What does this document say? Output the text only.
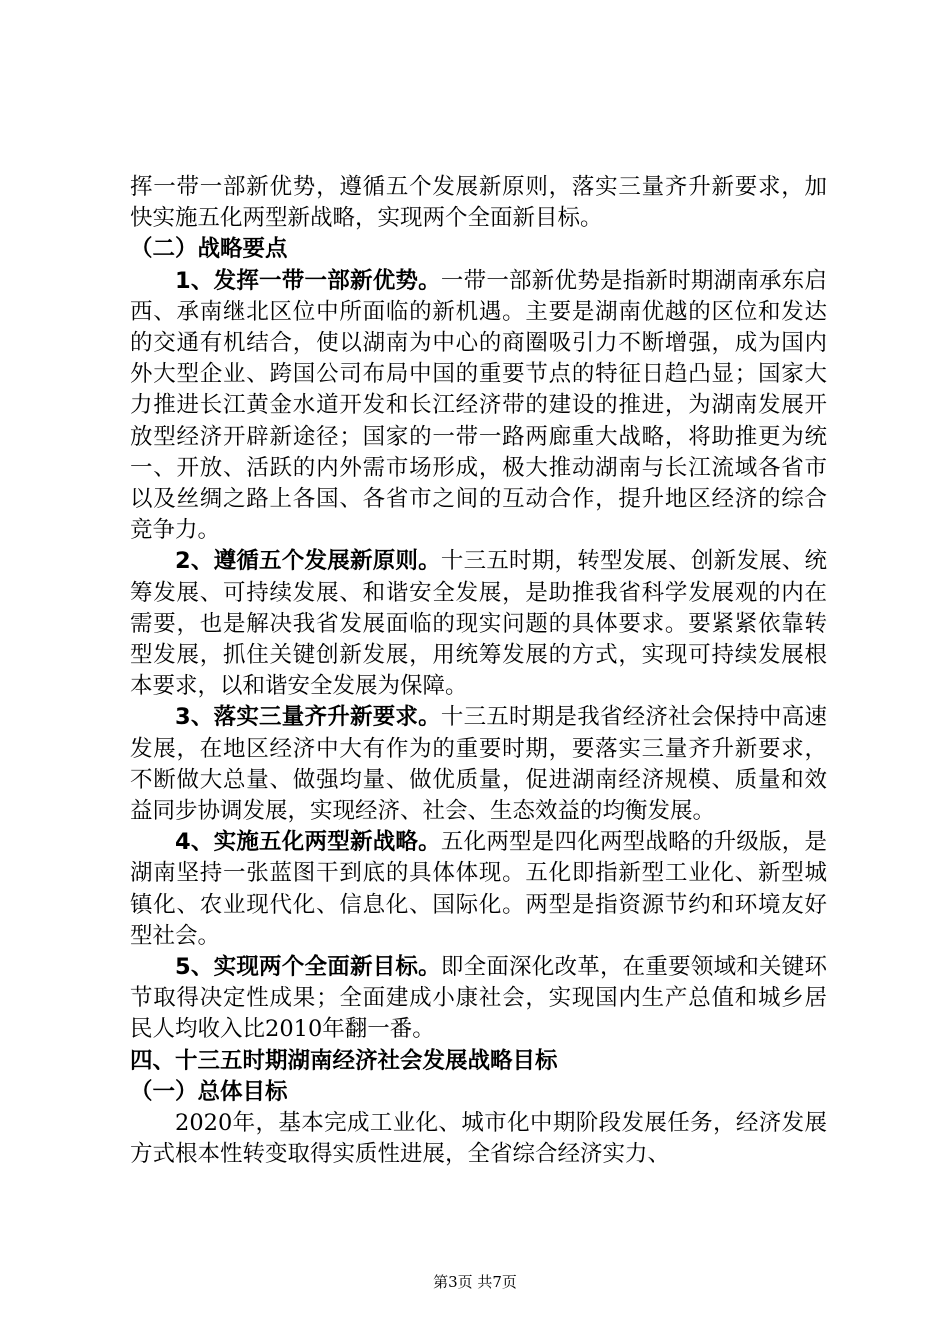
挥一带一部新优势，遵循五个发展新原则，落实三量齐升新要求，加快实施五化两型新战略，实现两个全面新目标。

（二）战略要点

1、发挥一带一部新优势。一带一部新优势是指新时期湖南承东启西、承南继北区位中所面临的新机遇。主要是湖南优越的区位和发达的交通有机结合，使以湖南为中心的商圈吸引力不断增强，成为国内外大型企业、跨国公司布局中国的重要节点的特征日趋凸显；国家大力推进长江黄金水道开发和长江经济带的建设的推进，为湖南发展开放型经济开辟新途径；国家的一带一路两廊重大战略，将助推更为统一、开放、活跃的内外需市场形成，极大推动湖南与长江流域各省市以及丝绸之路上各国、各省市之间的互动合作，提升地区经济的综合竞争力。

2、遵循五个发展新原则。十三五时期，转型发展、创新发展、统筹发展、可持续发展、和谐安全发展，是助推我省科学发展观的内在需要，也是解决我省发展面临的现实问题的具体要求。要紧紧依靠转型发展，抓住关键创新发展，用统筹发展的方式，实现可持续发展根本要求，以和谐安全发展为保障。

3、落实三量齐升新要求。十三五时期是我省经济社会保持中高速发展，在地区经济中大有作为的重要时期，要落实三量齐升新要求，不断做大总量、做强均量、做优质量，促进湖南经济规模、质量和效益同步协调发展，实现经济、社会、生态效益的均衡发展。

4、实施五化两型新战略。五化两型是四化两型战略的升级版，是湖南坚持一张蓝图干到底的具体体现。五化即指新型工业化、新型城镇化、农业现代化、信息化、国际化。两型是指资源节约和环境友好型社会。

5、实现两个全面新目标。即全面深化改革，在重要领域和关键环节取得决定性成果；全面建成小康社会，实现国内生产总值和城乡居民人均收入比2010年翻一番。

四、十三五时期湖南经济社会发展战略目标

（一）总体目标

2020年，基本完成工业化、城市化中期阶段发展任务，经济发展方式根本性转变取得实质性进展，全省综合经济实力、

第3页 共7页
